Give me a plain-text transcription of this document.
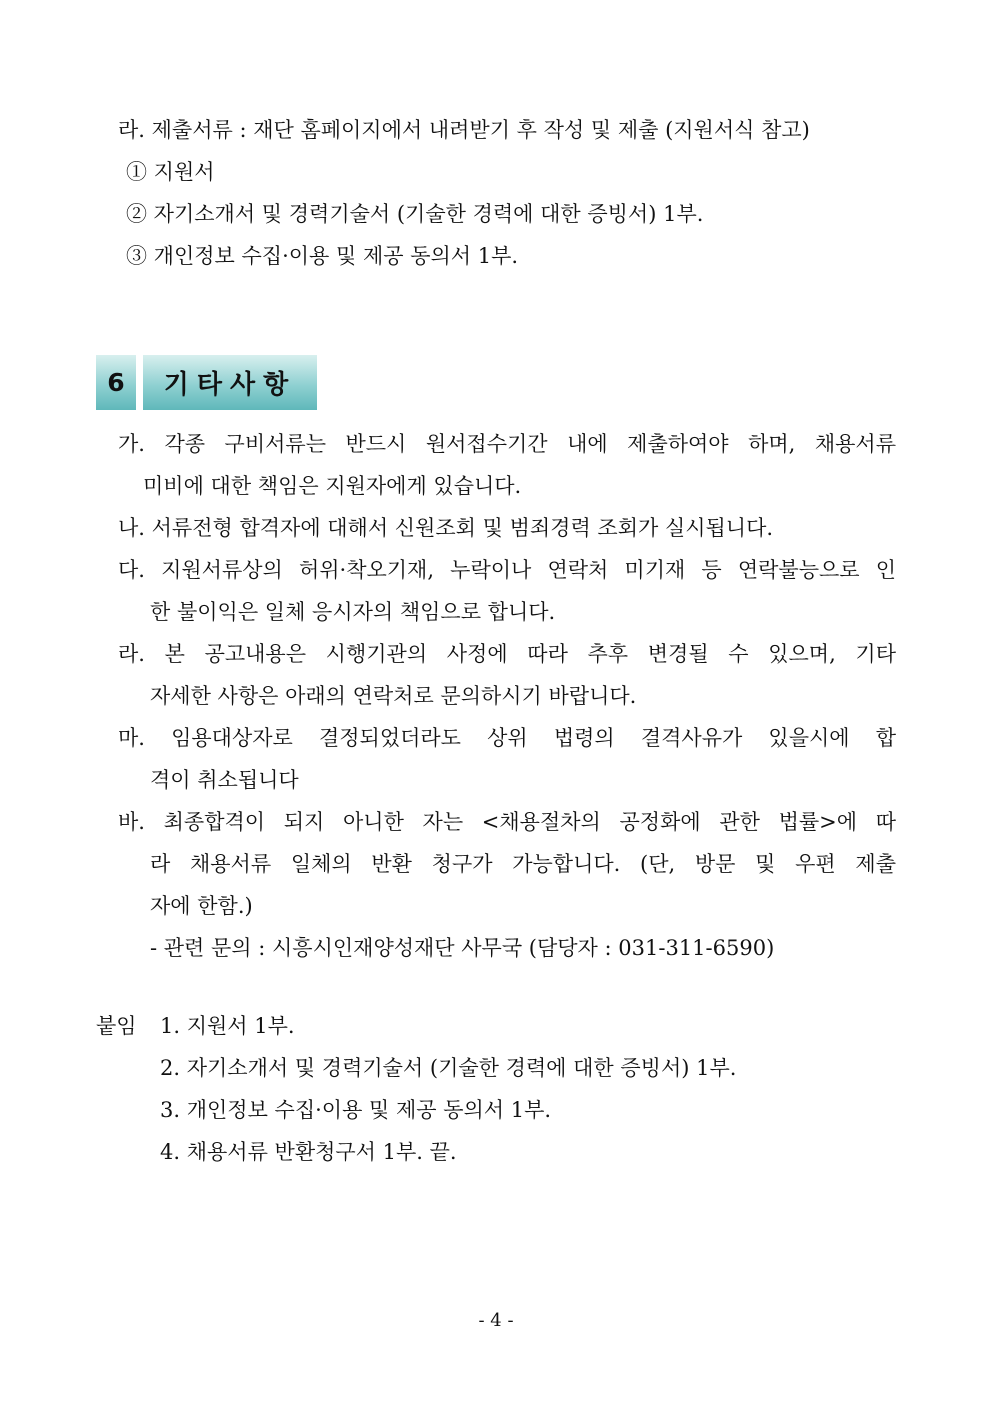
라. 제출서류 : 재단 홈페이지에서 내려받기 후 작성 및 제출 (지원서식 참고)
① 지원서
② 자기소개서 및 경력기술서 (기술한 경력에 대한 증빙서) 1부.
③ 개인정보 수집·이용 및 제공 동의서 1부.
6 기타사항
가. 각종 구비서류는 반드시 원서접수기간 내에 제출하여야 하며, 채용서류
미비에 대한 책임은 지원자에게 있습니다.
나. 서류전형 합격자에 대해서 신원조회 및 범죄경력 조회가 실시됩니다.
다. 지원서류상의 허위·착오기재, 누락이나 연락처 미기재 등 연락불능으로 인
한 불이익은 일체 응시자의 책임으로 합니다.
라. 본 공고내용은 시행기관의 사정에 따라 추후 변경될 수 있으며, 기타
자세한 사항은 아래의 연락처로 문의하시기 바랍니다.
마. 임용대상자로 결정되었더라도 상위 법령의 결격사유가 있을시에 합
격이 취소됩니다
바. 최종합격이 되지 아니한 자는 <채용절차의 공정화에 관한 법률>에 따
라 채용서류 일체의 반환 청구가 가능합니다. (단, 방문 및 우편 제출
자에 한함.)
- 관련 문의 : 시흥시인재양성재단 사무국 (담당자 : 031-311-6590)
붙임 1. 지원서 1부.
2. 자기소개서 및 경력기술서 (기술한 경력에 대한 증빙서) 1부.
3. 개인정보 수집·이용 및 제공 동의서 1부.
4. 채용서류 반환청구서 1부. 끝.
- 4 -
